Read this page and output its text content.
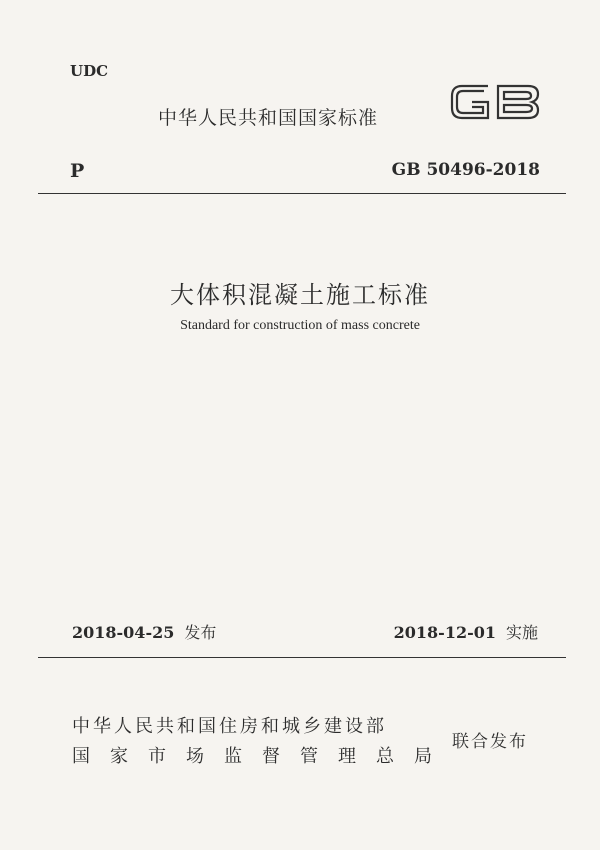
UDC
中华人民共和国国家标准	GB
P	GB 50496-2018
大体积混凝土施工标准
Standard for construction of mass concrete
2018-04-25 发布	2018-12-01 实施
中华人民共和国住房和城乡建设部
国 家 市 场 监 督 管 理 总 局
联合发布
